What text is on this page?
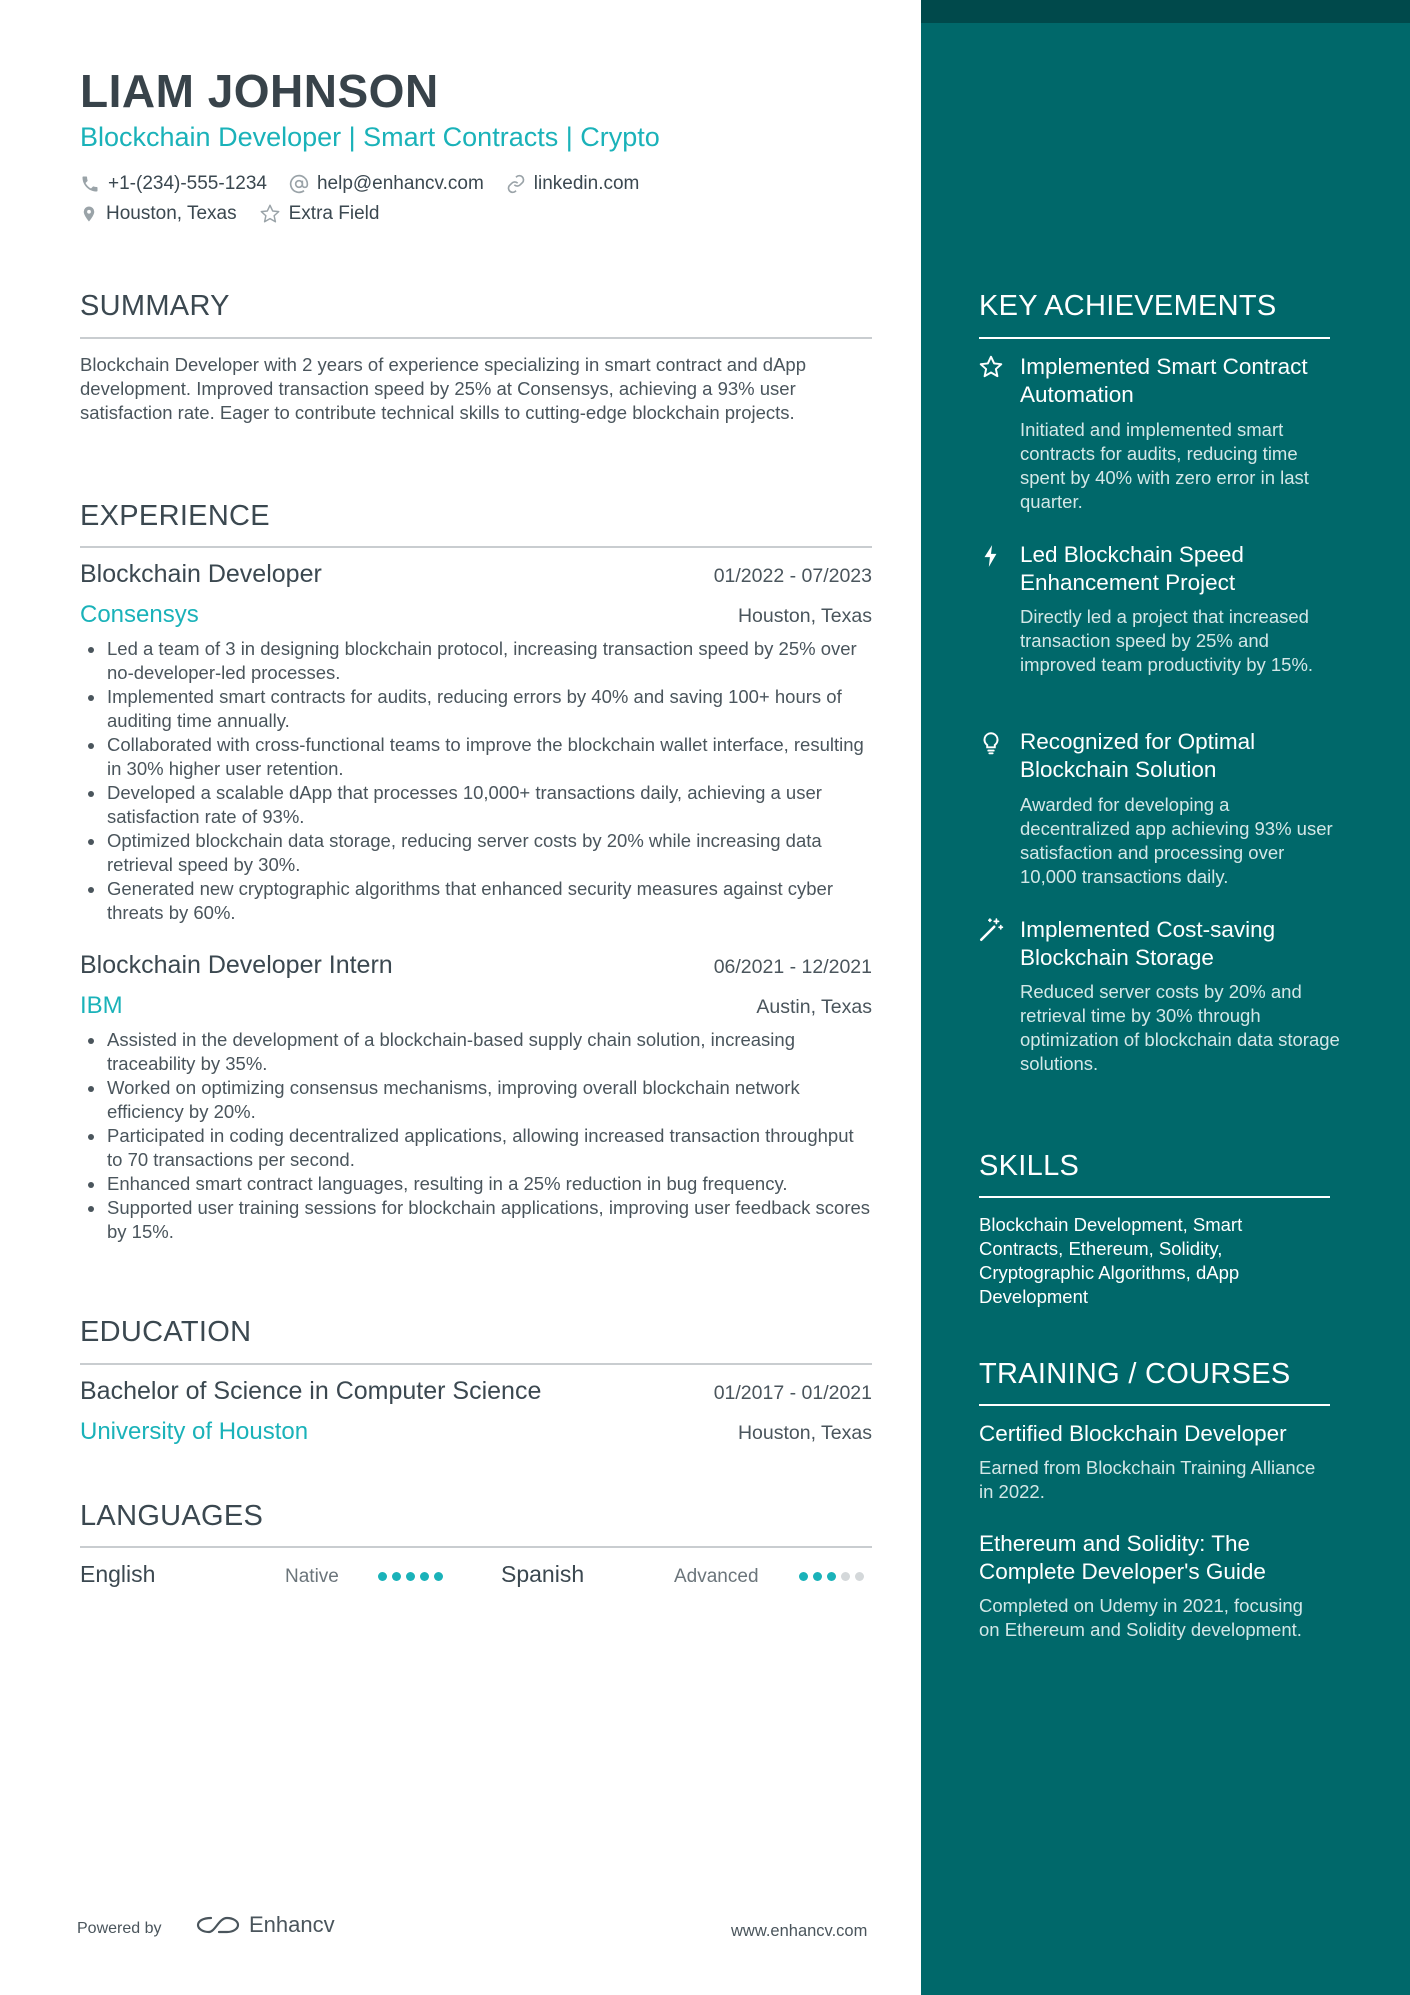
LIAM JOHNSON
Blockchain Developer | Smart Contracts | Crypto
+1-(234)-555-1234	help@enhancv.com	linkedin.com
Houston, Texas	Extra Field
SUMMARY
Blockchain Developer with 2 years of experience specializing in smart contract and dApp development. Improved transaction speed by 25% at Consensys, achieving a 93% user satisfaction rate. Eager to contribute technical skills to cutting-edge blockchain projects.
EXPERIENCE
Blockchain Developer	01/2022 - 07/2023
Consensys	Houston, Texas
Led a team of 3 in designing blockchain protocol, increasing transaction speed by 25% over no-developer-led processes.
Implemented smart contracts for audits, reducing errors by 40% and saving 100+ hours of auditing time annually.
Collaborated with cross-functional teams to improve the blockchain wallet interface, resulting in 30% higher user retention.
Developed a scalable dApp that processes 10,000+ transactions daily, achieving a user satisfaction rate of 93%.
Optimized blockchain data storage, reducing server costs by 20% while increasing data retrieval speed by 30%.
Generated new cryptographic algorithms that enhanced security measures against cyber threats by 60%.
Blockchain Developer Intern	06/2021 - 12/2021
IBM	Austin, Texas
Assisted in the development of a blockchain-based supply chain solution, increasing traceability by 35%.
Worked on optimizing consensus mechanisms, improving overall blockchain network efficiency by 20%.
Participated in coding decentralized applications, allowing increased transaction throughput to 70 transactions per second.
Enhanced smart contract languages, resulting in a 25% reduction in bug frequency.
Supported user training sessions for blockchain applications, improving user feedback scores by 15%.
EDUCATION
Bachelor of Science in Computer Science	01/2017 - 01/2021
University of Houston	Houston, Texas
LANGUAGES
English	Native	Spanish	Advanced
Powered by	Enhancv	www.enhancv.com
KEY ACHIEVEMENTS
Implemented Smart Contract Automation
Initiated and implemented smart contracts for audits, reducing time spent by 40% with zero error in last quarter.
Led Blockchain Speed Enhancement Project
Directly led a project that increased transaction speed by 25% and improved team productivity by 15%.
Recognized for Optimal Blockchain Solution
Awarded for developing a decentralized app achieving 93% user satisfaction and processing over 10,000 transactions daily.
Implemented Cost-saving Blockchain Storage
Reduced server costs by 20% and retrieval time by 30% through optimization of blockchain data storage solutions.
SKILLS
Blockchain Development, Smart Contracts, Ethereum, Solidity, Cryptographic Algorithms, dApp Development
TRAINING / COURSES
Certified Blockchain Developer
Earned from Blockchain Training Alliance in 2022.
Ethereum and Solidity: The Complete Developer's Guide
Completed on Udemy in 2021, focusing on Ethereum and Solidity development.
